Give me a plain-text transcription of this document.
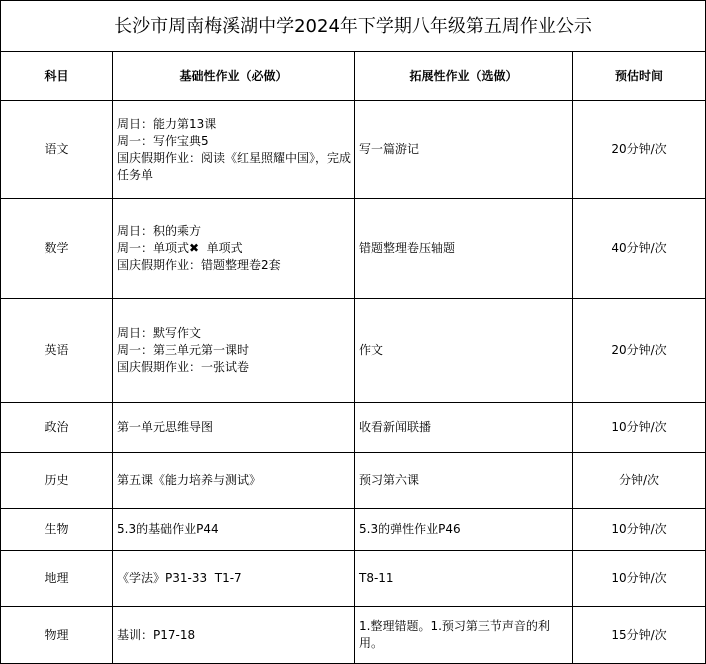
长沙市周南梅溪湖中学2024年下学期八年级第五周作业公示			
科目	基础性作业（必做）	拓展性作业（选做）	预估时间
语文	周日：能力第13课
周一：写作宝典5
国庆假期作业：阅读《红星照耀中国》，完成任务单	写一篇游记	20分钟/次
数学	周日：积的乘方
周一：单项式✖  单项式
国庆假期作业：错题整理卷2套	错题整理卷压轴题	40分钟/次
英语	周日：默写作文
周一：第三单元第一课时
国庆假期作业：一张试卷	作文	20分钟/次
政治	第一单元思维导图	收看新闻联播	10分钟/次
历史	第五课《能力培养与测试》	预习第六课	分钟/次
生物	5.3的基础作业P44	5.3的弹性作业P46	10分钟/次
地理	《学法》P31-33  T1-7	T8-11	10分钟/次
物理	基训：P17-18	1.整理错题。1.预习第三节声音的利用。	15分钟/次
